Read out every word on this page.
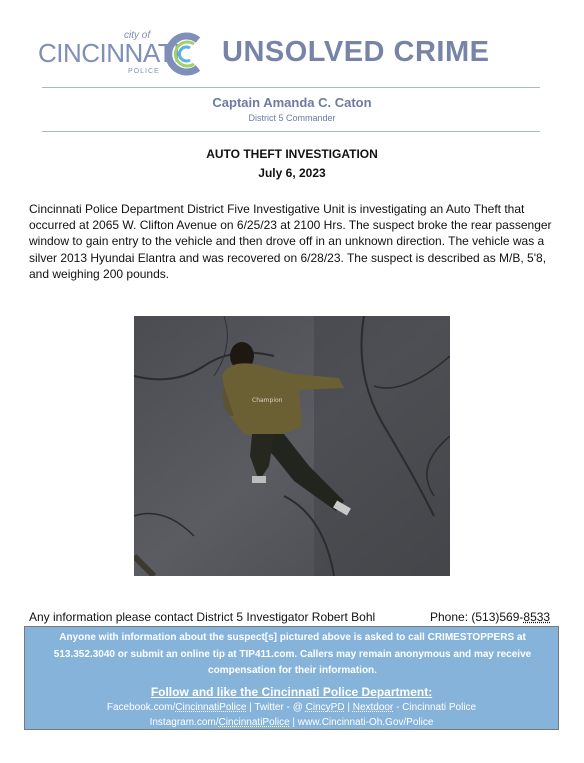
city of
CINCINNATI
POLICE
UNSOLVED CRIME
Captain Amanda C. Caton
District 5 Commander
AUTO THEFT INVESTIGATION
July 6, 2023
Cincinnati Police Department District Five Investigative Unit is investigating an Auto Theft that occurred at 2065 W. Clifton Avenue on 6/25/23 at 2100 Hrs. The suspect broke the rear passenger window to gain entry to the vehicle and then drove off in an unknown direction. The vehicle was a silver 2013 Hyundai Elantra and was recovered on 6/28/23. The suspect is described as M/B, 5'8, and weighing 200 pounds.
Champion
Any information please contact District 5 Investigator Robert Bohl	Phone: (513)569-8533
Anyone with information about the suspect[s] pictured above is asked to call CRIMESTOPPERS at
513.352.3040 or submit an online tip at TIP411.com. Callers may remain anonymous and may receive
compensation for their information.
Follow and like the Cincinnati Police Department:
Facebook.com/CincinnatiPolice | Twitter - @ CincyPD | Nextdoor - Cincinnati Police
Instagram.com/CincinnatiPolice | www.Cincinnati-Oh.Gov/Police
